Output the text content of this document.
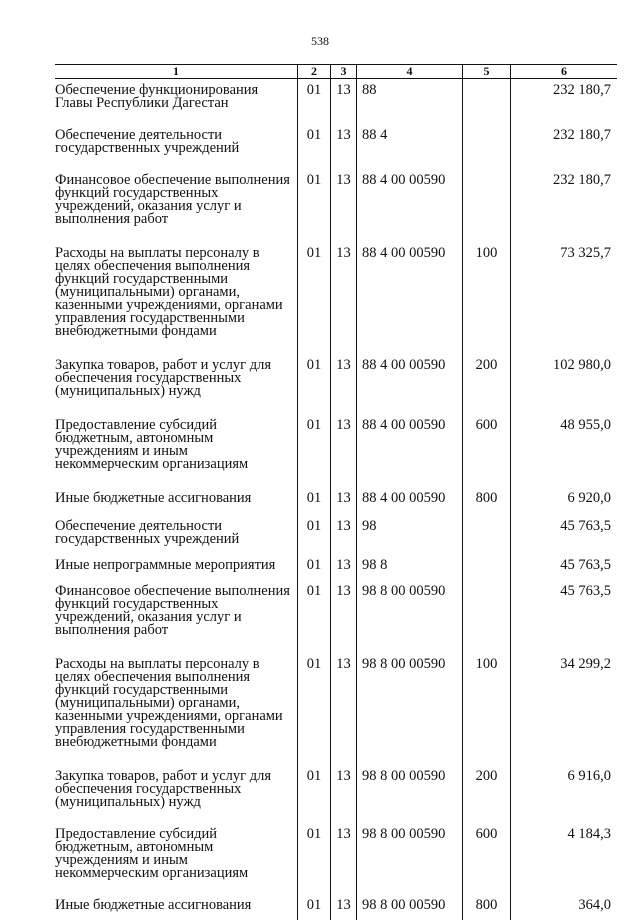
538
1	2	3	4	5	6
Обеспечение функционирования Главы Республики Дагестан	01	13	88		232 180,7
Обеспечение деятельности государственных учреждений	01	13	88 4		232 180,7
Финансовое обеспечение выполнения функций государственных учреждений, оказания услуг и выполнения работ	01	13	88 4 00 00590		232 180,7
Расходы на выплаты персоналу в целях обеспечения выполнения функций государственными (муниципальными) органами, казенными учреждениями, органами управления государственными внебюджетными фондами	01	13	88 4 00 00590	100	73 325,7
Закупка товаров, работ и услуг для обеспечения государственных (муниципальных) нужд	01	13	88 4 00 00590	200	102 980,0
Предоставление субсидий бюджетным, автономным учреждениям и иным некоммерческим организациям	01	13	88 4 00 00590	600	48 955,0
Иные бюджетные ассигнования	01	13	88 4 00 00590	800	6 920,0
Обеспечение деятельности государственных учреждений	01	13	98		45 763,5
Иные непрограммные мероприятия	01	13	98 8		45 763,5
Финансовое обеспечение выполнения функций государственных учреждений, оказания услуг и выполнения работ	01	13	98 8 00 00590		45 763,5
Расходы на выплаты персоналу в целях обеспечения выполнения функций государственными (муниципальными) органами, казенными учреждениями, органами управления государственными внебюджетными фондами	01	13	98 8 00 00590	100	34 299,2
Закупка товаров, работ и услуг для обеспечения государственных (муниципальных) нужд	01	13	98 8 00 00590	200	6 916,0
Предоставление субсидий бюджетным, автономным учреждениям и иным некоммерческим организациям	01	13	98 8 00 00590	600	4 184,3
Иные бюджетные ассигнования	01	13	98 8 00 00590	800	364,0
